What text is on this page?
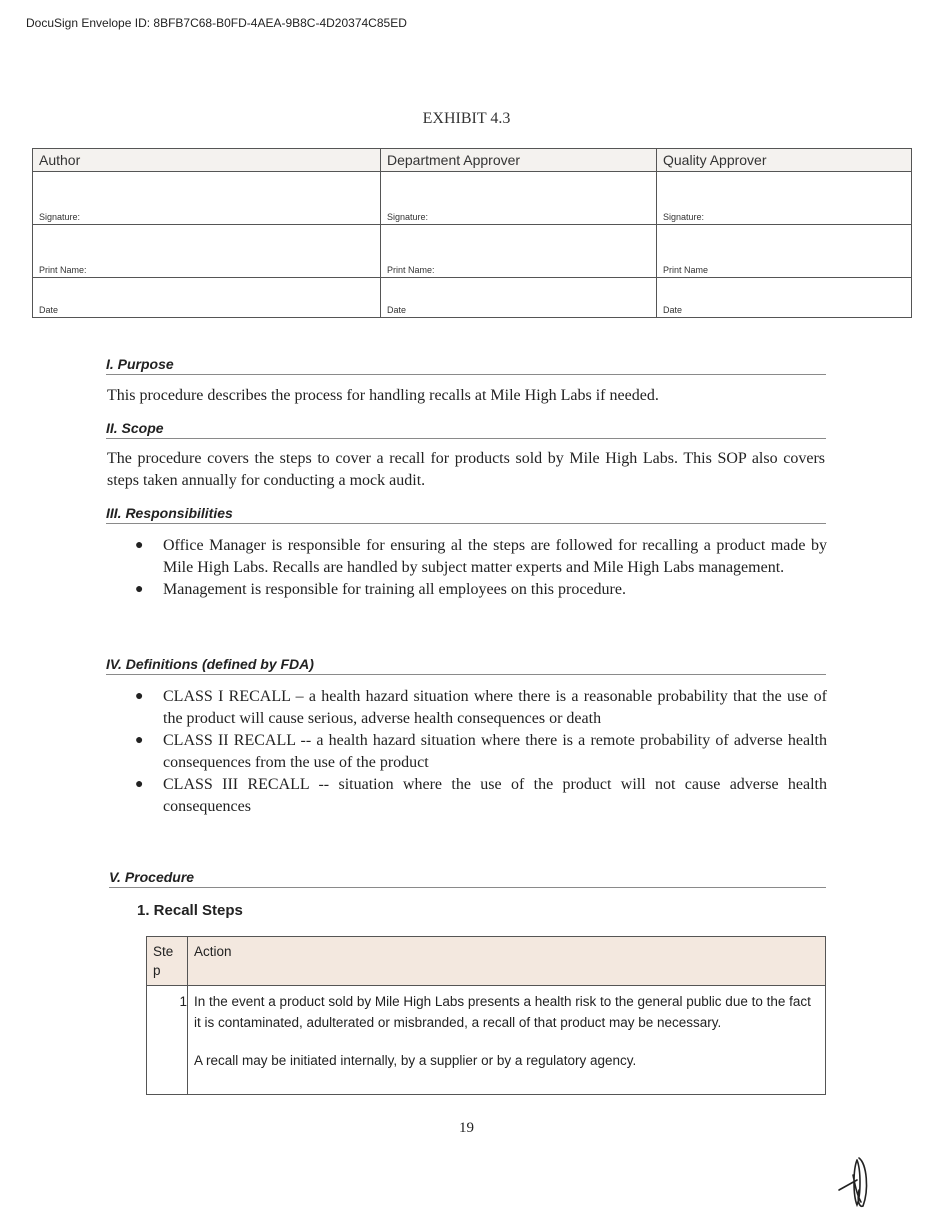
DocuSign Envelope ID: 8BFB7C68-B0FD-4AEA-9B8C-4D20374C85ED
EXHIBIT 4.3
Author	Department Approver	Quality Approver
Signature:	Signature:	Signature:
Print Name:	Print Name:	Print Name
Date	Date	Date
I. Purpose
This procedure describes the process for handling recalls at Mile High Labs if needed.
II. Scope
The procedure covers the steps to cover a recall for products sold by Mile High Labs. This SOP also covers steps taken annually for conducting a mock audit.
III. Responsibilities
● Office Manager is responsible for ensuring al the steps are followed for recalling a product made by Mile High Labs. Recalls are handled by subject matter experts and Mile High Labs management.
● Management is responsible for training all employees on this procedure.
IV. Definitions (defined by FDA)
● CLASS I RECALL – a health hazard situation where there is a reasonable probability that the use of the product will cause serious, adverse health consequences or death
● CLASS II RECALL -- a health hazard situation where there is a remote probability of adverse health consequences from the use of the product
● CLASS III RECALL -- situation where the use of the product will not cause adverse health consequences
V. Procedure
1. Recall Steps
Ste p	Action
1	In the event a product sold by Mile High Labs presents a health risk to the general public due to the fact it is contaminated, adulterated or misbranded, a recall of that product may be necessary.

A recall may be initiated internally, by a supplier or by a regulatory agency.

19
